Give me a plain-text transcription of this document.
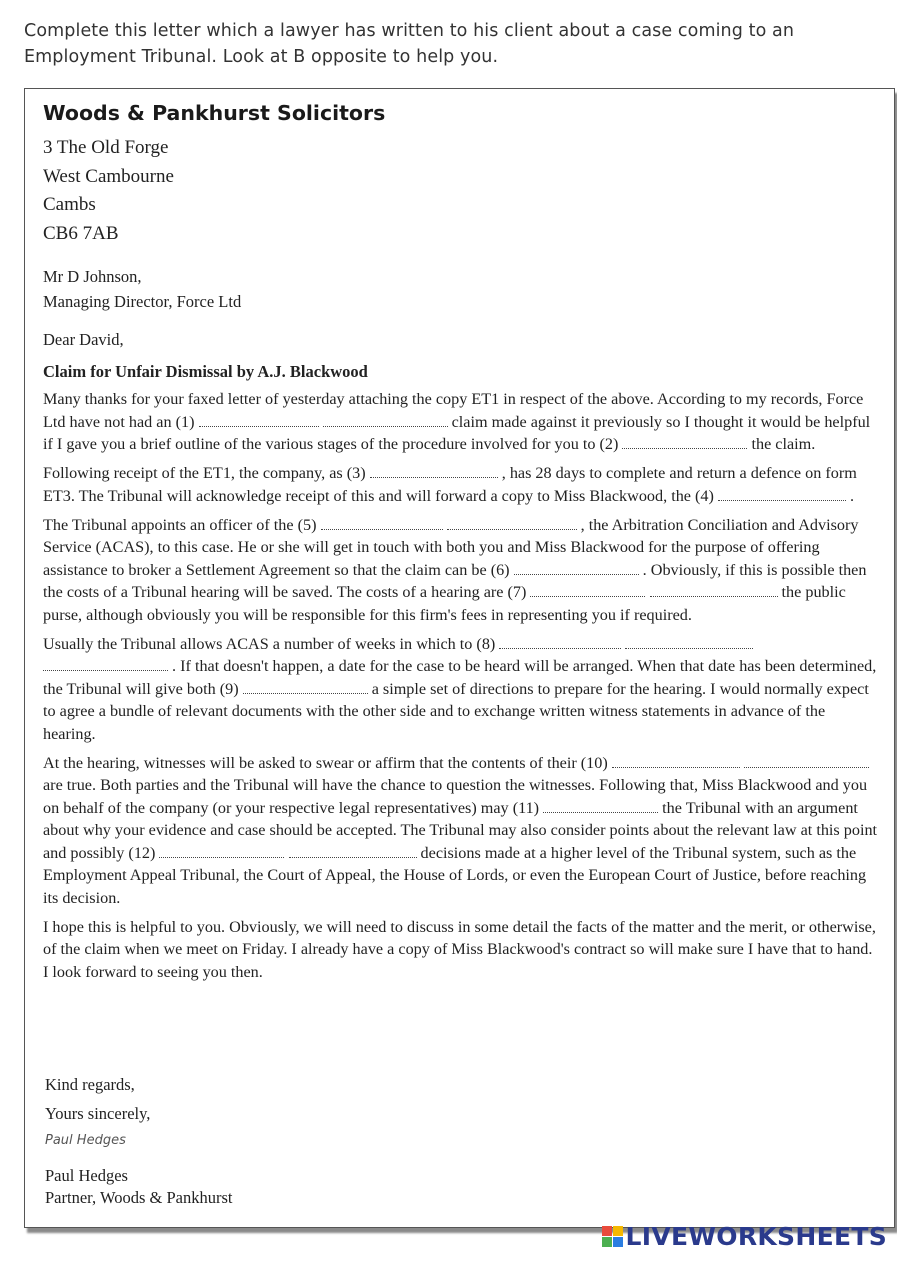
Complete this letter which a lawyer has written to his client about a case coming to an Employment Tribunal. Look at B opposite to help you.
Woods & Pankhurst Solicitors
3 The Old Forge
West Cambourne
Cambs
CB6 7AB
Mr D Johnson,
Managing Director, Force Ltd
Dear David,
Claim for Unfair Dismissal by A.J. Blackwood

Many thanks for your faxed letter of yesterday attaching the copy ET1 in respect of the above. According to my records, Force Ltd have not had an (1)	claim made against it previously so I thought it would be helpful if I gave you a brief outline of the various stages of the procedure involved for you to (2)	the claim.

Following receipt of the ET1, the company, as (3)	, has 28 days to complete and return a defence on form ET3. The Tribunal will acknowledge receipt of this and will forward a copy to Miss Blackwood, the (4)	.

The Tribunal appoints an officer of the (5)	, the Arbitration Conciliation and Advisory Service (ACAS), to this case. He or she will get in touch with both you and Miss Blackwood for the purpose of offering assistance to broker a Settlement Agreement so that the claim can be (6)	. Obviously, if this is possible then the costs of a Tribunal hearing will be saved. The costs of a hearing are (7)	the public purse, although obviously you will be responsible for this firm's fees in representing you if required.

Usually the Tribunal allows ACAS a number of weeks in which to (8)    . If that doesn't happen, a date for the case to be heard will be arranged. When that date has been determined, the Tribunal will give both (9)	a simple set of directions to prepare for the hearing. I would normally expect to agree a bundle of relevant documents with the other side and to exchange written witness statements in advance of the hearing.

At the hearing, witnesses will be asked to swear or affirm that the contents of their (10)   are true. Both parties and the Tribunal will have the chance to question the witnesses. Following that, Miss Blackwood and you on behalf of the company (or your respective legal representatives) may (11)	the Tribunal with an argument about why your evidence and case should be accepted. The Tribunal may also consider points about the relevant law at this point and possibly (12)	decisions made at a higher level of the Tribunal system, such as the Employment Appeal Tribunal, the Court of Appeal, the House of Lords, or even the European Court of Justice, before reaching its decision.

I hope this is helpful to you. Obviously, we will need to discuss in some detail the facts of the matter and the merit, or otherwise, of the claim when we meet on Friday. I already have a copy of Miss Blackwood's contract so will make sure I have that to hand. I look forward to seeing you then.

Kind regards,
Yours sincerely,
Paul Hedges
Paul Hedges
Partner, Woods & Pankhurst
LIVEWORKSHEETS
